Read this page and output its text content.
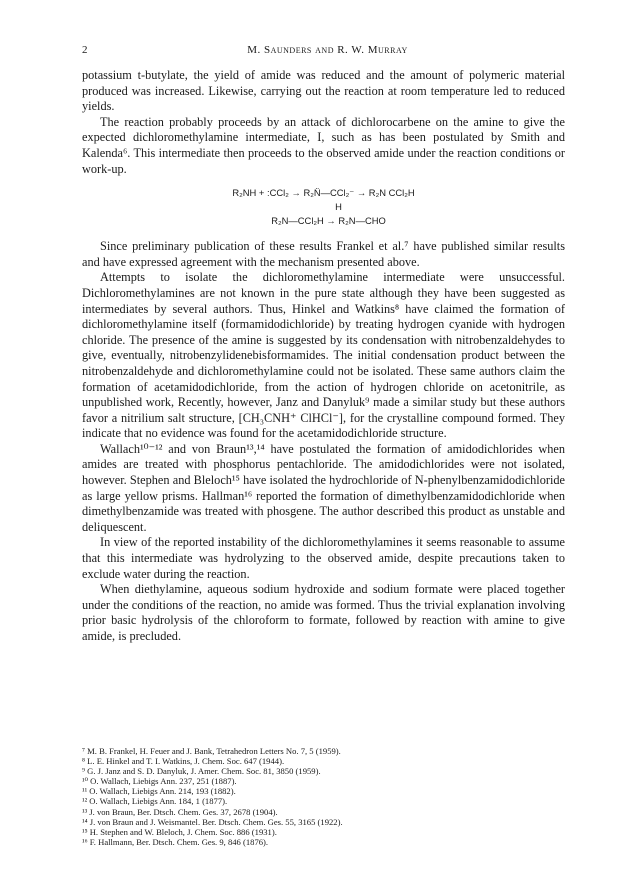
2	M. Saunders and R. W. Murray

potassium t-butylate, the yield of amide was reduced and the amount of polymeric material produced was increased. Likewise, carrying out the reaction at room temperature led to reduced yields.

The reaction probably proceeds by an attack of dichlorocarbene on the amine to give the expected dichloromethylamine intermediate, I, such as has been postulated by Smith and Kalenda⁶. This intermediate then proceeds to the observed amide under the reaction conditions or work-up.

R₂NH + :CCl₂ → R₂N̈—CCl₂⁻ → R₂N CCl₂H
H
R₂N—CCl₂H → R₂N—CHO

Since preliminary publication of these results Frankel et al.⁷ have published similar results and have expressed agreement with the mechanism presented above.

Attempts to isolate the dichloromethylamine intermediate were unsuccessful. Dichloromethylamines are not known in the pure state although they have been suggested as intermediates by several authors. Thus, Hinkel and Watkins⁸ have claimed the formation of dichloromethylamine itself (formamidodichloride) by treating hydrogen cyanide with hydrogen chloride. The presence of the amine is suggested by its condensation with nitrobenzaldehydes to give, eventually, nitrobenzylidenebisformamides. The initial condensation product between the nitrobenzaldehyde and dichloromethylamine could not be isolated. These same authors claim the formation of acetamidodichloride, from the action of hydrogen chloride on acetonitrile, as unpublished work, Recently, however, Janz and Danyluk⁹ made a similar study but these authors favor a nitrilium salt structure, [CH₃CNH⁺ ClHCl⁻], for the crystalline compound formed. They indicate that no evidence was found for the acetamidodichloride structure.

Wallach¹⁰⁻¹² and von Braun¹³,¹⁴ have postulated the formation of amidodichlorides when amides are treated with phosphorus pentachloride. The amidodichlorides were not isolated, however. Stephen and Bleloch¹⁵ have isolated the hydrochloride of N-phenylbenzamidodichloride as large yellow prisms. Hallman¹⁶ reported the formation of dimethylbenzamidodichloride when dimethylbenzamide was treated with phosgene. The author described this product as unstable and deliquescent.

In view of the reported instability of the dichloromethylamines it seems reasonable to assume that this intermediate was hydrolyzing to the observed amide, despite precautions taken to exclude water during the reaction.

When diethylamine, aqueous sodium hydroxide and sodium formate were placed together under the conditions of the reaction, no amide was formed. Thus the trivial explanation involving prior basic hydrolysis of the chloroform to formate, followed by reaction with amine to give amide, is precluded.

⁷ M. B. Frankel, H. Feuer and J. Bank, Tetrahedron Letters No. 7, 5 (1959).
⁸ L. E. Hinkel and T. I. Watkins, J. Chem. Soc. 647 (1944).
⁹ G. J. Janz and S. D. Danyluk, J. Amer. Chem. Soc. 81, 3850 (1959).
¹⁰ O. Wallach, Liebigs Ann. 237, 251 (1887).
¹¹ O. Wallach, Liebigs Ann. 214, 193 (1882).
¹² O. Wallach, Liebigs Ann. 184, 1 (1877).
¹³ J. von Braun, Ber. Dtsch. Chem. Ges. 37, 2678 (1904).
¹⁴ J. von Braun and J. Weismantel. Ber. Dtsch. Chem. Ges. 55, 3165 (1922).
¹⁵ H. Stephen and W. Bleloch, J. Chem. Soc. 886 (1931).
¹⁶ F. Hallmann, Ber. Dtsch. Chem. Ges. 9, 846 (1876).
